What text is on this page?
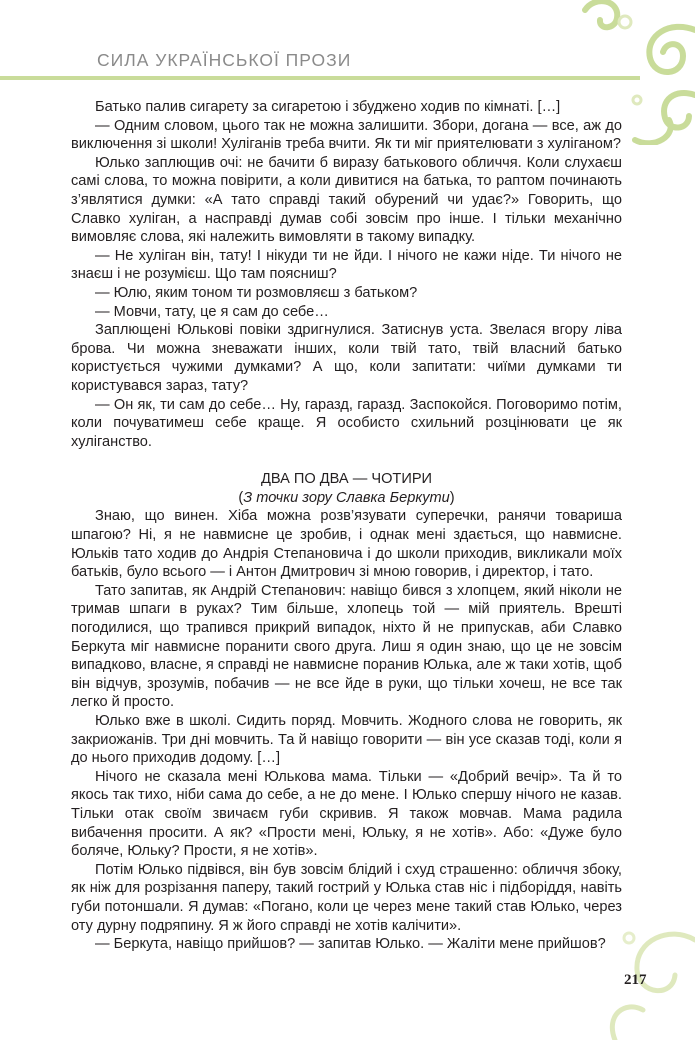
СИЛА УКРАЇНСЬКОЇ ПРОЗИ

Батько палив сигарету за сигаретою і збуджено ходив по кімнаті. […]

— Одним словом, цього так не можна залишити. Збори, догана — все, аж до виключення зі школи! Хуліганів треба вчити. Як ти міг приятелювати з хуліганом?

Юлько заплющив очі: не бачити б виразу батькового обличчя. Коли слухаєш самі слова, то можна повірити, а коли дивитися на батька, то раптом починають з’являтися думки: «А тато справді такий обурений чи удає?» Говорить, що Славко хуліган, а насправді думав собі зовсім про інше. І тільки механічно вимовляє слова, які належить вимовляти в такому випадку.

— Не хуліган він, тату! І нікуди ти не йди. І нічого не кажи ніде. Ти нічого не знаєш і не розумієш. Що там поясниш?

— Юлю, яким тоном ти розмовляєш з батьком?

— Мовчи, тату, це я сам до себе…

Заплющені Юлькові повіки здригнулися. Затиснув уста. Звелася вгору ліва брова. Чи можна зневажати інших, коли твій тато, твій власний батько користується чужими думками? А що, коли запитати: чиїми думками ти користувався зараз, тату?

— Он як, ти сам до себе… Ну, гаразд, гаразд. Заспокойся. Поговоримо потім, коли почуватимеш себе краще. Я особисто схильний розцінювати це як хуліганство.

ДВА ПО ДВА — ЧОТИРИ

(З точки зору Славка Беркути)

Знаю, що винен. Хіба можна розв’язувати суперечки, ранячи товариша шпагою? Ні, я не навмисне це зробив, і однак мені здається, що навмисне. Юльків тато ходив до Андрія Степановича і до школи приходив, викликали моїх батьків, було всього — і Антон Дмитрович зі мною говорив, і директор, і тато.

Тато запитав, як Андрій Степанович: навіщо бився з хлопцем, який ніколи не тримав шпаги в руках? Тим більше, хлопець той — мій приятель. Врешті погодилися, що трапився прикрий випадок, ніхто й не припускав, аби Славко Беркута міг навмисне поранити свого друга. Лиш я один знаю, що це не зовсім випадково, власне, я справді не навмисне поранив Юлька, але ж таки хотів, щоб він відчув, зрозумів, побачив — не все йде в руки, що тільки хочеш, не все так легко й просто.

Юлько вже в школі. Сидить поряд. Мовчить. Жодного слова не говорить, як закриожанів. Три дні мовчить. Та й навіщо говорити — він усе сказав тоді, коли я до нього приходив додому. […]

Нічого не сказала мені Юлькова мама. Тільки — «Добрий вечір». Та й то якось так тихо, ніби сама до себе, а не до мене. І Юлько спершу нічого не казав. Тільки отак своїм звичаєм губи скривив. Я також мовчав. Мама радила вибачення просити. А як? «Прости мені, Юльку, я не хотів». Або: «Дуже було боляче, Юльку? Прости, я не хотів».

Потім Юлько підвівся, він був зовсім блідий і схуд страшенно: обличчя збоку, як ніж для розрізання паперу, такий гострий у Юлька став ніс і підборіддя, навіть губи потоншали. Я думав: «Погано, коли це через мене такий став Юлько, через оту дурну подряпину. Я ж його справді не хотів калічити».

— Беркута, навіщо прийшов? — запитав Юлько. — Жаліти мене прийшов?

217
